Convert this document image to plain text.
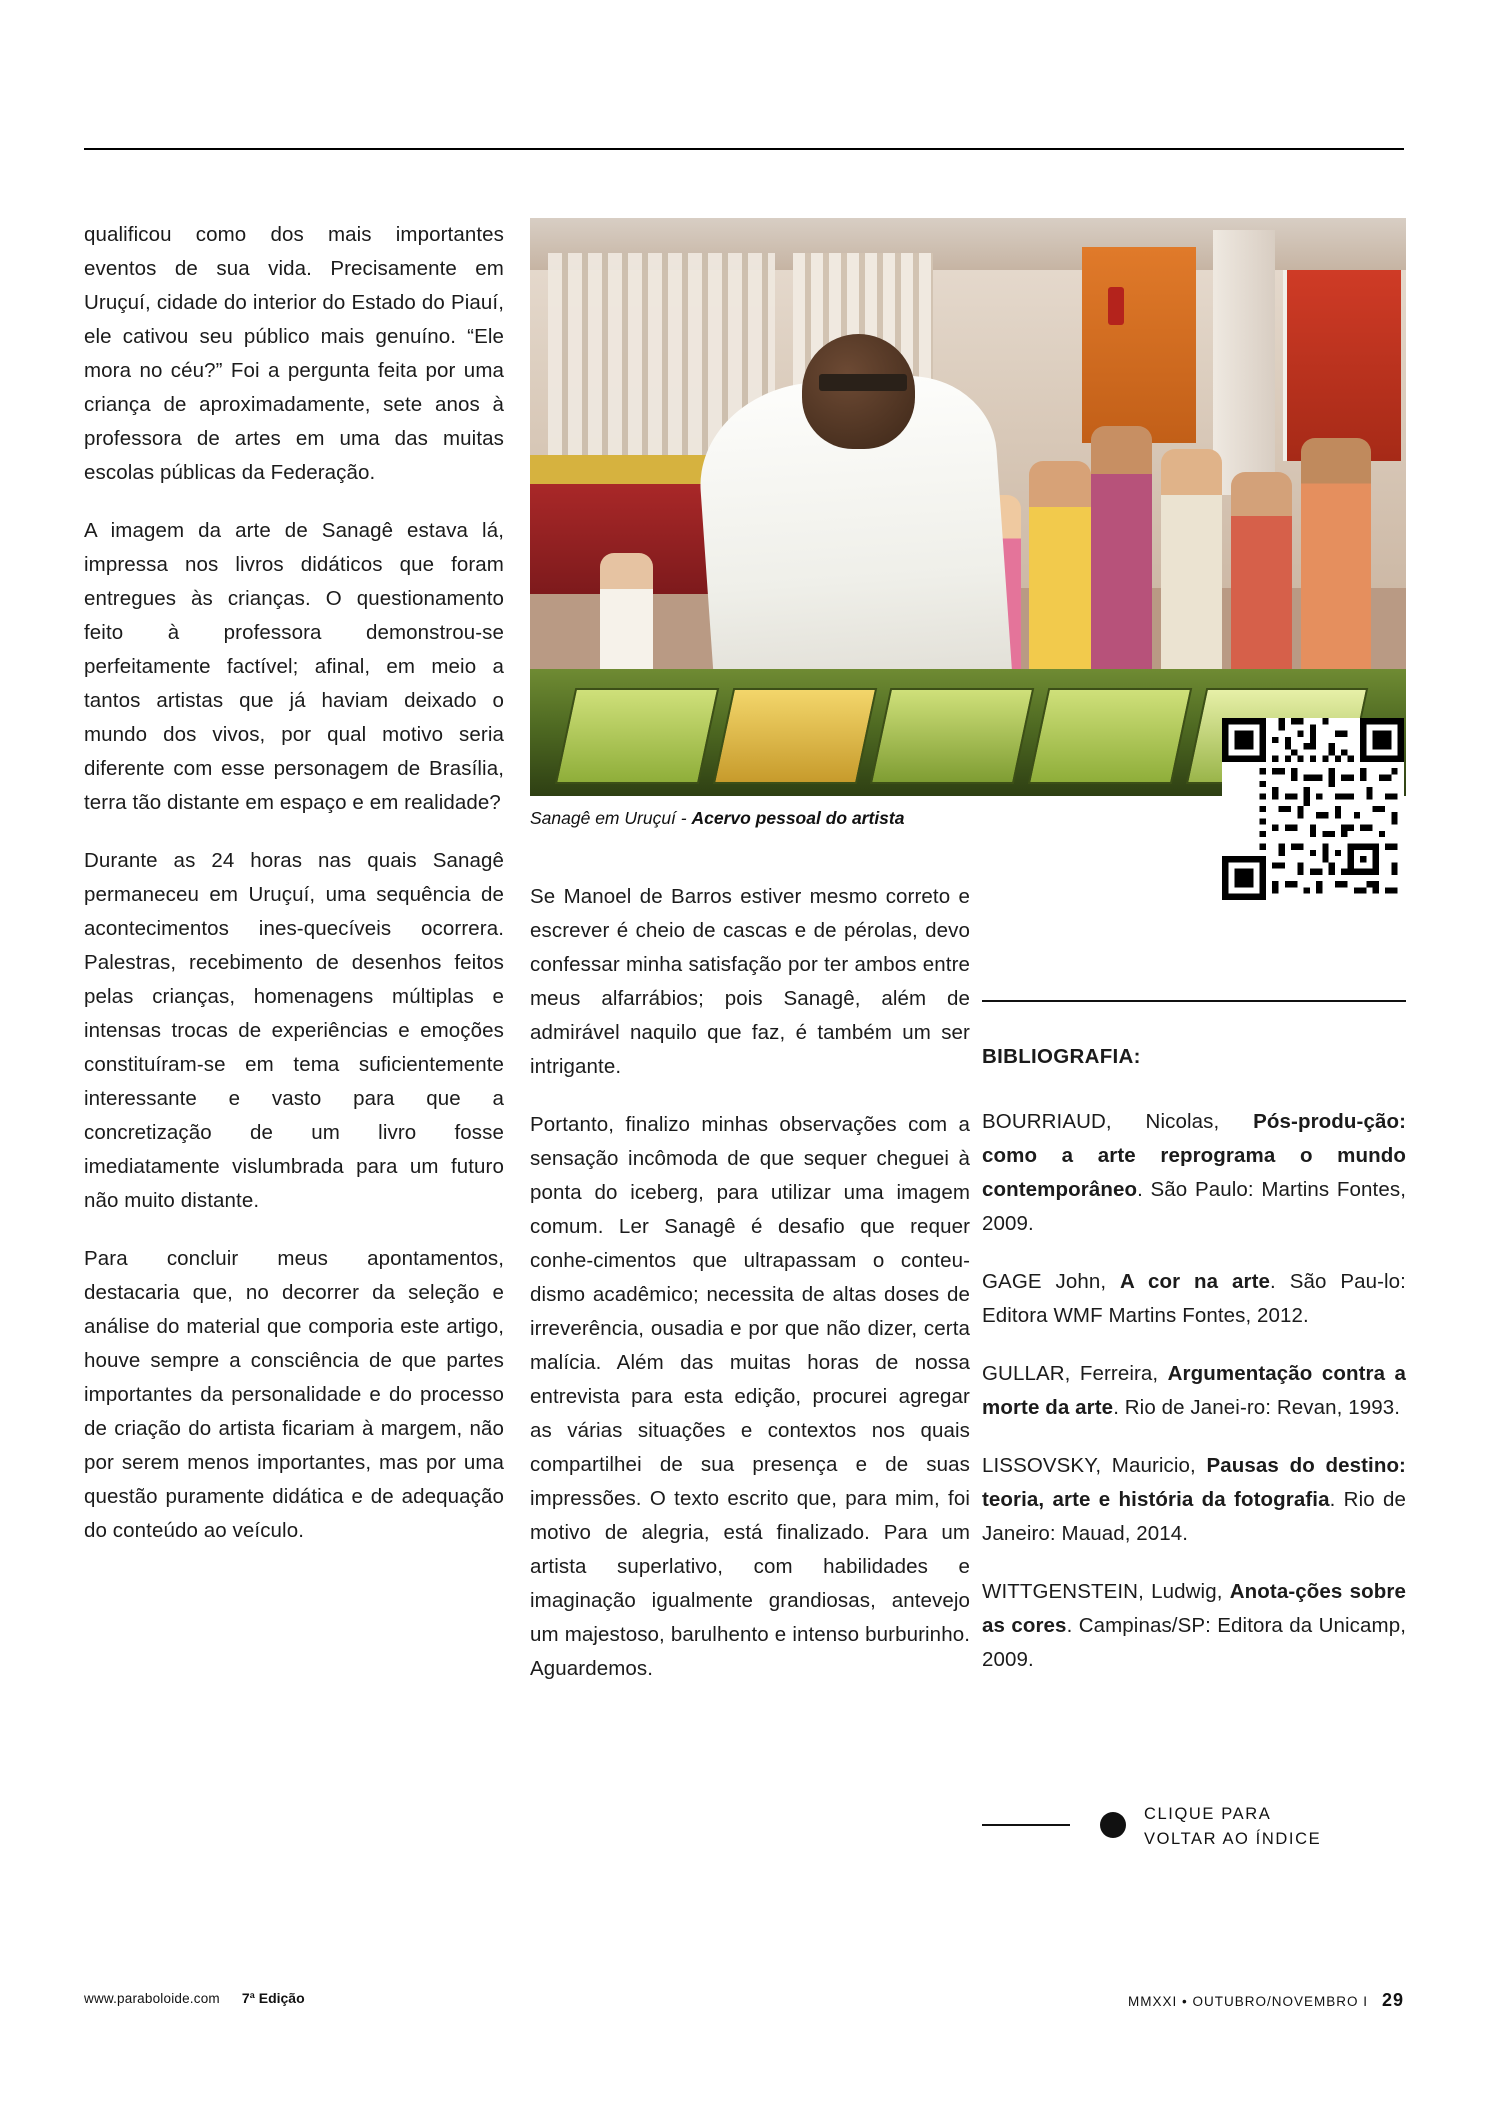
qualificou como dos mais importantes eventos de sua vida. Precisamente em Uruçuí, cidade do interior do Estado do Piauí, ele cativou seu público mais genuíno. “Ele mora no céu?” Foi a pergunta feita por uma criança de aproximadamente, sete anos à professora de artes em uma das muitas escolas públicas da Federação.

A imagem da arte de Sanagê estava lá, impressa nos livros didáticos que foram entregues às crianças. O questionamento feito à professora demonstrou-se perfeitamente factível; afinal, em meio a tantos artistas que já haviam deixado o mundo dos vivos, por qual motivo seria diferente com esse personagem de Brasília, terra tão distante em espaço e em realidade?

Durante as 24 horas nas quais Sanagê permaneceu em Uruçuí, uma sequência de acontecimentos ines-quecíveis ocorrera. Palestras, recebimento de desenhos feitos pelas crianças, homenagens múltiplas e intensas trocas de experiências e emoções constituíram-se em tema suficientemente interessante e vasto para que a concretização de um livro fosse imediatamente vislumbrada para um futuro não muito distante.

Para concluir meus apontamentos, destacaria que, no decorrer da seleção e análise do material que comporia este artigo, houve sempre a consciência de que partes importantes da personalidade e do processo de criação do artista ficariam à margem, não por serem menos importantes, mas por uma questão puramente didática e de adequação do conteúdo ao veículo.

Sanagê em Uruçuí - Acervo pessoal do artista

Se Manoel de Barros estiver mesmo correto e escrever é cheio de cascas e de pérolas, devo confessar minha satisfação por ter ambos entre meus alfarrábios; pois Sanagê, além de admirável naquilo que faz, é também um ser intrigante.

Portanto, finalizo minhas observações com a sensação incômoda de que sequer cheguei à ponta do iceberg, para utilizar uma imagem comum. Ler Sanagê é desafio que requer conhe-cimentos que ultrapassam o conteu-dismo acadêmico; necessita de altas doses de irreverência, ousadia e por que não dizer, certa malícia. Além das muitas horas de nossa entrevista para esta edição, procurei agregar as várias situações e contextos nos quais compartilhei de sua presença e de suas impressões. O texto escrito que, para mim, foi motivo de alegria, está finalizado. Para um artista superlativo, com habilidades e imaginação igualmente grandiosas, antevejo um majestoso, barulhento e intenso burburinho. Aguardemos.

BIBLIOGRAFIA:

BOURRIAUD, Nicolas, Pós-produ-ção: como a arte reprograma o mundo contemporâneo. São Paulo: Martins Fontes, 2009.

GAGE John, A cor na arte. São Pau-lo: Editora WMF Martins Fontes, 2012.

GULLAR, Ferreira, Argumentação contra a morte da arte. Rio de Janei-ro: Revan, 1993.

LISSOVSKY, Mauricio, Pausas do destino: teoria, arte e história da fotografia. Rio de Janeiro: Mauad, 2014.

WITTGENSTEIN, Ludwig, Anota-ções sobre as cores. Campinas/SP: Editora da Unicamp, 2009.

CLIQUE PARA
VOLTAR AO ÍNDICE
www.paraboloide.com 7ª Edição	MMXXI • OUTUBRO/NOVEMBRO I 29
